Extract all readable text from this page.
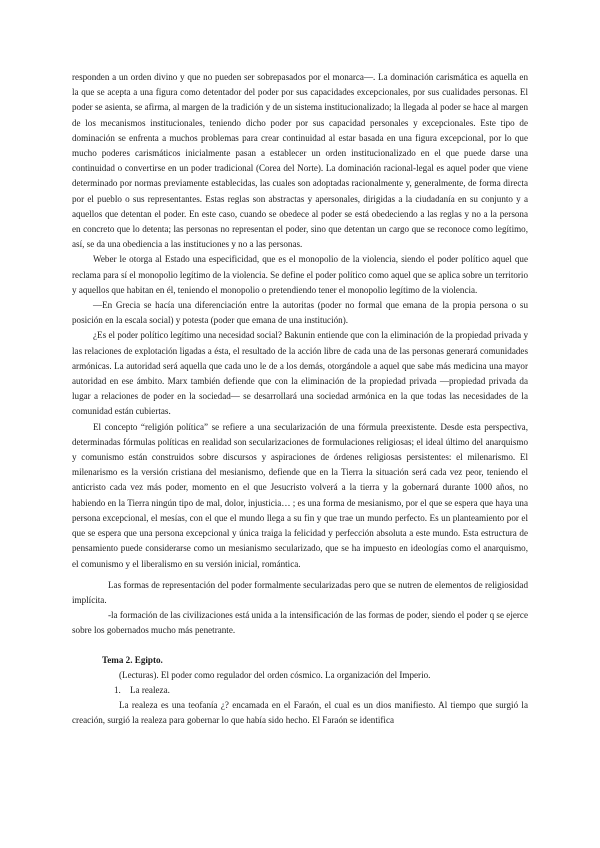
responden a un orden divino y que no pueden ser sobrepasados por el monarca—. La dominación carismática es aquella en la que se acepta a una figura como detentador del poder por sus capacidades excepcionales, por sus cualidades personas. El poder se asienta, se afirma, al margen de la tradición y de un sistema institucionalizado; la llegada al poder se hace al margen de los mecanismos institucionales, teniendo dicho poder por sus capacidad personales y excepcionales. Este tipo de dominación se enfrenta a muchos problemas para crear continuidad al estar basada en una figura excepcional, por lo que mucho poderes carismáticos inicialmente pasan a establecer un orden institucionalizado en el que puede darse una continuidad o convertirse en un poder tradicional (Corea del Norte). La dominación racional-legal es aquel poder que viene determinado por normas previamente establecidas, las cuales son adoptadas racionalmente y, generalmente, de forma directa por el pueblo o sus representantes. Estas reglas son abstractas y apersonales, dirigidas a la ciudadanía en su conjunto y a aquellos que detentan el poder. En este caso, cuando se obedece al poder se está obedeciendo a las reglas y no a la persona en concreto que lo detenta; las personas no representan el poder, sino que detentan un cargo que se reconoce como legítimo, así, se da una obediencia a las instituciones y no a las personas.

Weber le otorga al Estado una especificidad, que es el monopolio de la violencia, siendo el poder político aquel que reclama para sí el monopolio legítimo de la violencia. Se define el poder político como aquel que se aplica sobre un territorio y aquellos que habitan en él, teniendo el monopolio o pretendiendo tener el monopolio legítimo de la violencia.

—En Grecia se hacía una diferenciación entre la autoritas (poder no formal que emana de la propia persona o su posición en la escala social) y potesta (poder que emana de una institución).

¿Es el poder político legítimo una necesidad social? Bakunin entiende que con la eliminación de la propiedad privada y las relaciones de explotación ligadas a ésta, el resultado de la acción libre de cada una de las personas generará comunidades armónicas. La autoridad será aquella que cada uno le de a los demás, otorgándole a aquel que sabe más medicina una mayor autoridad en ese ámbito. Marx también defiende que con la eliminación de la propiedad privada —propiedad privada da lugar a relaciones de poder en la sociedad— se desarrollará una sociedad armónica en la que todas las necesidades de la comunidad están cubiertas.

El concepto “religión política” se refiere a una secularización de una fórmula preexistente. Desde esta perspectiva, determinadas fórmulas políticas en realidad son secularizaciones de formulaciones religiosas; el ideal último del anarquismo y comunismo están construidos sobre discursos y aspiraciones de órdenes religiosas persistentes: el milenarismo. El milenarismo es la versión cristiana del mesianismo, defiende que en la Tierra la situación será cada vez peor, teniendo el anticristo cada vez más poder, momento en el que Jesucristo volverá a la tierra y la gobernará durante 1000 años, no habiendo en la Tierra ningún tipo de mal, dolor, injusticia… ; es una forma de mesianismo, por el que se espera que haya una persona excepcional, el mesías, con el que el mundo llega a su fin y que trae un mundo perfecto. Es un planteamiento por el que se espera que una persona excepcional y única traiga la felicidad y perfección absoluta a este mundo. Esta estructura de pensamiento puede considerarse como un mesianismo secularizado, que se ha impuesto en ideologías como el anarquismo, el comunismo y el liberalismo en su versión inicial, romántica.

Las formas de representación del poder formalmente secularizadas pero que se nutren de elementos de religiosidad implícita.

-la formación de las civilizaciones está unida a la intensificación de las formas de poder, siendo el poder q se ejerce sobre los gobernados mucho más penetrante.

Tema 2. Egipto.

(Lecturas). El poder como regulador del orden cósmico. La organización del Imperio.

1.	La realeza.

La realeza es una teofanía ¿? encamada en el Faraón, el cual es un dios manifiesto. Al tiempo que surgió la creación, surgió la realeza para gobernar lo que había sido hecho. El Faraón se identifica
